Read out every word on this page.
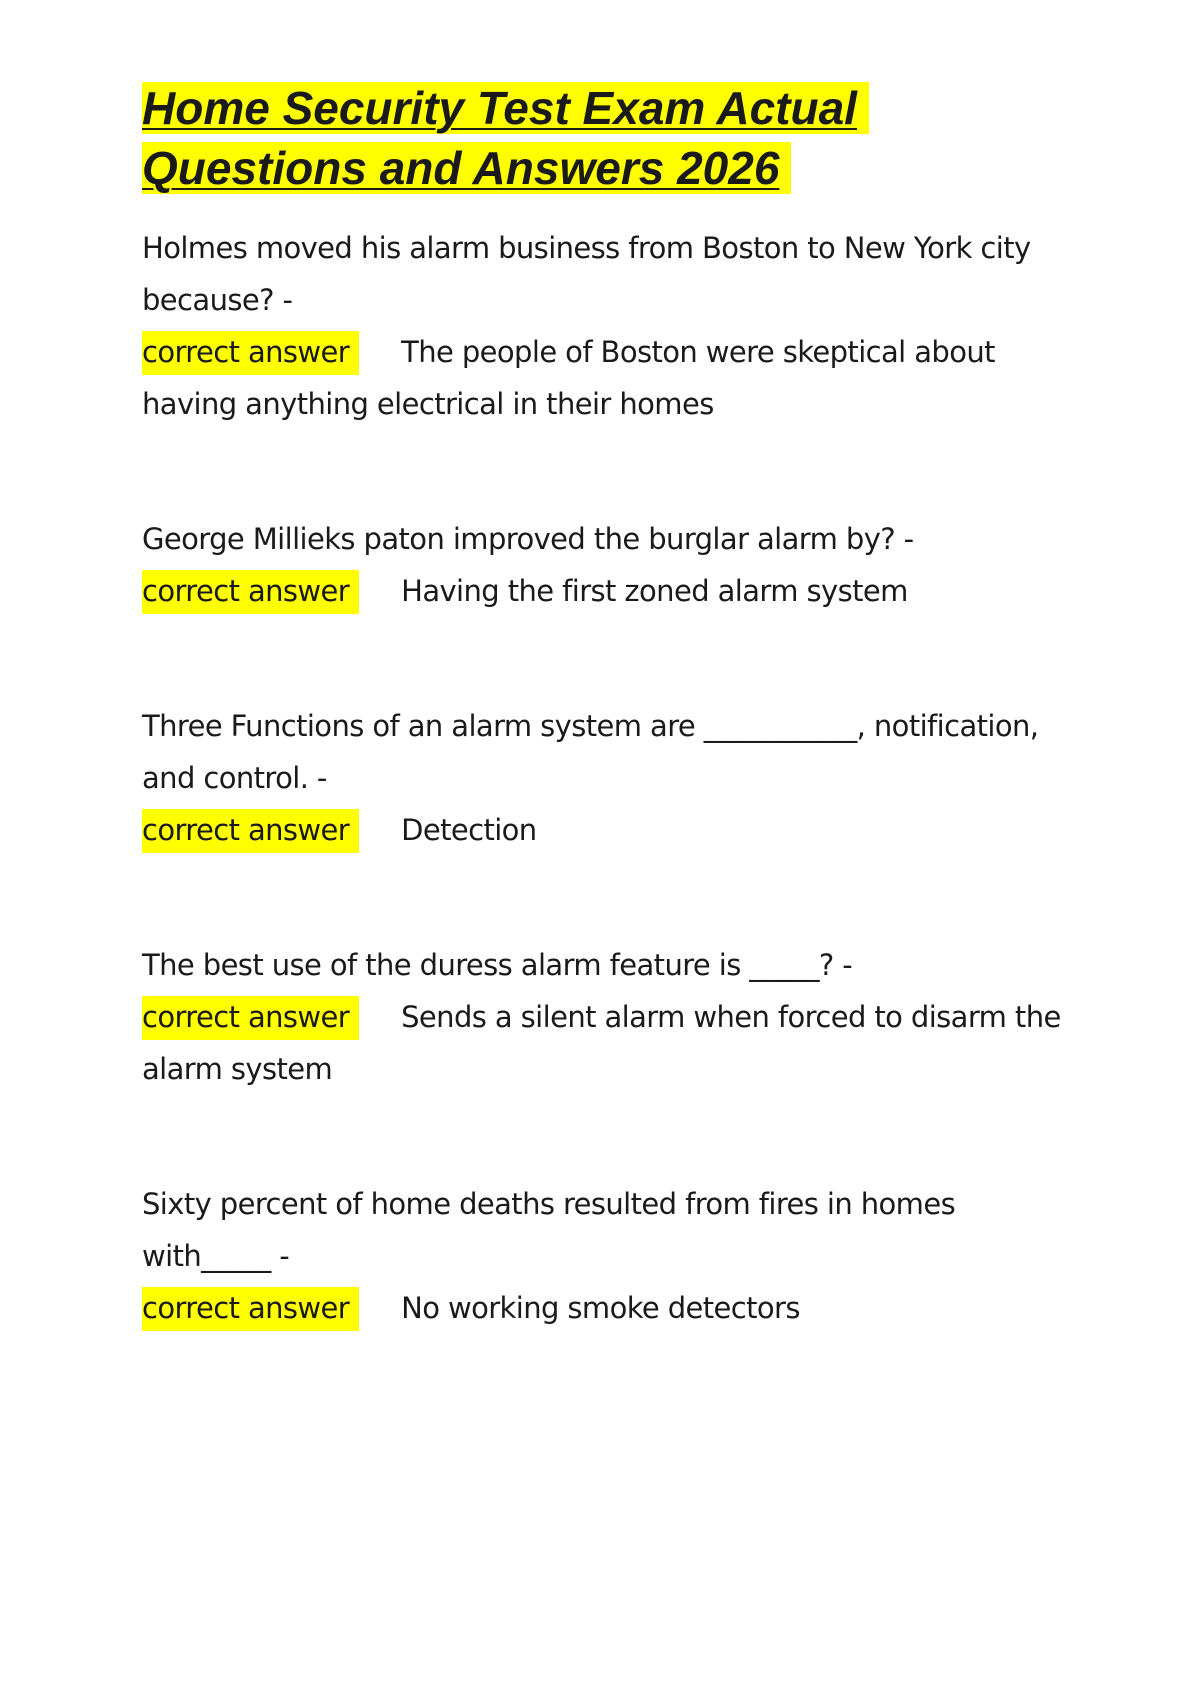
Home Security Test Exam Actual
Questions and Answers 2026

Holmes moved his alarm business from Boston to New York city because? -

correct answer The people of Boston were skeptical about having anything electrical in their homes

George Millieks paton improved the burglar alarm by? -

correct answer Having the first zoned alarm system

Three Functions of an alarm system are ___________, notification, and control. -

correct answer Detection

The best use of the duress alarm feature is _____? -

correct answer Sends a silent alarm when forced to disarm the alarm system

Sixty percent of home deaths resulted from fires in homes with_____ -

correct answer No working smoke detectors
